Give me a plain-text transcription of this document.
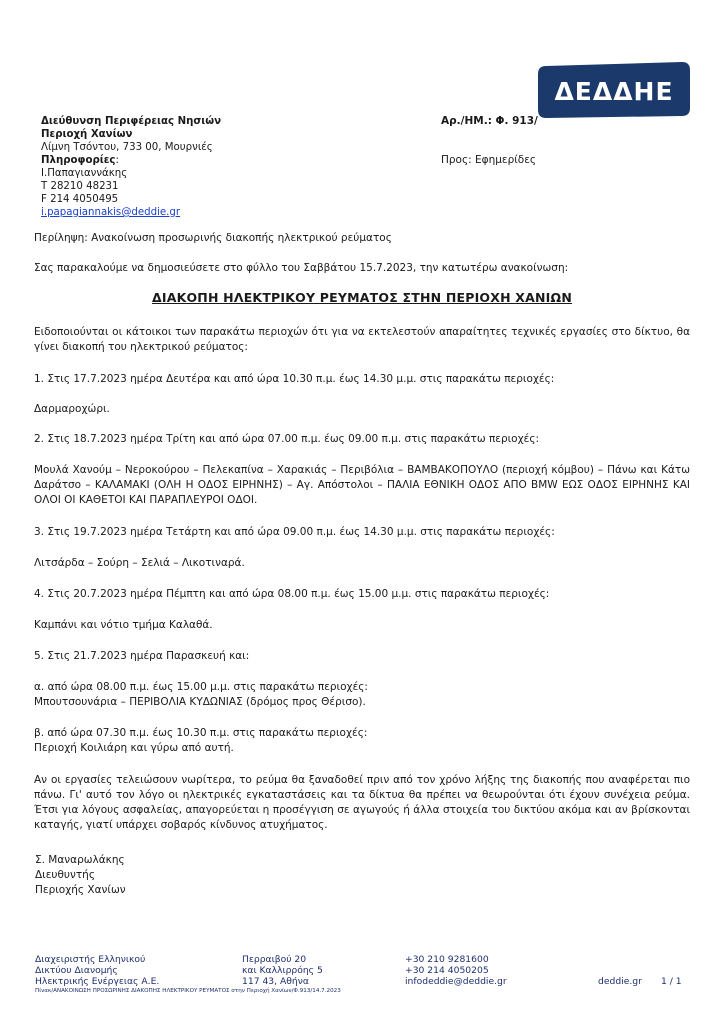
ΔΕΔΔΗΕ
Διεύθυνση Περιφέρειας Νησιών
Περιοχή Χανίων
Λίμνη Τσόντου, 733 00, Μουρνιές
Πληροφορίες:
Ι.Παπαγιαννάκης
Τ 28210 48231
F 214 4050495
i.papagiannakis@deddie.gr
Αρ./ΗΜ.: Φ. 913/
Προς: Εφημερίδες
Περίληψη: Ανακοίνωση προσωρινής διακοπής ηλεκτρικού ρεύματος
Σας παρακαλούμε να δημοσιεύσετε στο φύλλο του Σαββάτου 15.7.2023, την κατωτέρω ανακοίνωση:
ΔΙΑΚΟΠΗ ΗΛΕΚΤΡΙΚΟΥ ΡΕΥΜΑΤΟΣ ΣΤΗΝ ΠΕΡΙΟΧΗ ΧΑΝΙΩΝ
Ειδοποιούνται οι κάτοικοι των παρακάτω περιοχών ότι για να εκτελεστούν απαραίτητες τεχνικές εργασίες στο δίκτυο, θα γίνει διακοπή του ηλεκτρικού ρεύματος:
1. Στις 17.7.2023 ημέρα Δευτέρα και από ώρα 10.30 π.μ. έως 14.30 μ.μ. στις παρακάτω περιοχές:
Δαρμαροχώρι.
2. Στις 18.7.2023 ημέρα Τρίτη και από ώρα 07.00 π.μ. έως 09.00 π.μ. στις παρακάτω περιοχές:
Μουλά Χανούμ – Νεροκούρου – Πελεκαπίνα – Χαρακιάς – Περιβόλια – ΒΑΜΒΑΚΟΠΟΥΛΟ (περιοχή κόμβου) – Πάνω και Κάτω Δαράτσο – ΚΑΛΑΜΑΚΙ (ΟΛΗ Η ΟΔΟΣ ΕΙΡΗΝΗΣ) – Αγ. Απόστολοι – ΠΑΛΙΑ ΕΘΝΙΚΗ ΟΔΟΣ ΑΠΟ BMW ΕΩΣ ΟΔΟΣ ΕΙΡΗΝΗΣ ΚΑΙ ΟΛΟΙ ΟΙ ΚΑΘΕΤΟΙ ΚΑΙ ΠΑΡΑΠΛΕΥΡΟΙ ΟΔΟΙ.
3. Στις 19.7.2023 ημέρα Τετάρτη και από ώρα 09.00 π.μ. έως 14.30 μ.μ. στις παρακάτω περιοχές:
Λιτσάρδα – Σούρη – Σελιά – Λικοτιναρά.
4. Στις 20.7.2023 ημέρα Πέμπτη και από ώρα 08.00 π.μ. έως 15.00 μ.μ. στις παρακάτω περιοχές:
Καμπάνι και νότιο τμήμα Καλαθά.
5. Στις 21.7.2023 ημέρα Παρασκευή και:
α. από ώρα 08.00 π.μ. έως 15.00 μ.μ. στις παρακάτω περιοχές:
Μπουτσουνάρια – ΠΕΡΙΒΟΛΙΑ ΚΥΔΩΝΙΑΣ (δρόμος προς Θέρισο).
β. από ώρα 07.30 π.μ. έως 10.30 π.μ. στις παρακάτω περιοχές:
Περιοχή Κοιλιάρη και γύρω από αυτή.
Αν οι εργασίες τελειώσουν νωρίτερα, το ρεύμα θα ξαναδοθεί πριν από τον χρόνο λήξης της διακοπής που αναφέρεται πιο πάνω. Γι' αυτό τον λόγο οι ηλεκτρικές εγκαταστάσεις και τα δίκτυα θα πρέπει να θεωρούνται ότι έχουν συνέχεια ρεύμα. Έτσι για λόγους ασφαλείας, απαγορεύεται η προσέγγιση σε αγωγούς ή άλλα στοιχεία του δικτύου ακόμα και αν βρίσκονται καταγής, γιατί υπάρχει σοβαρός κίνδυνος ατυχήματος.
Σ. Μαναρωλάκης
Διευθυντής
Περιοχής Χανίων
Διαχειριστής Ελληνικού
Δικτύου Διανομής
Ηλεκτρικής Ενέργειας Α.Ε.
Περραιβού 20
και Καλλιρρόης 5
117 43, Αθήνα
+30 210 9281600
+30 214 4050205
infodeddie@deddie.gr	deddie.gr	1 / 1
Πίνακ/ΑΝΑΚΟΙΝΩΣΗ ΠΡΟΣΩΡΙΝΗΣ ΔΙΑΚΟΠΗΣ ΗΛΕΚΤΡΙΚΟΥ ΡΕΥΜΑΤΟΣ στην Περιοχή Χανίων/Φ.913/14.7.2023
